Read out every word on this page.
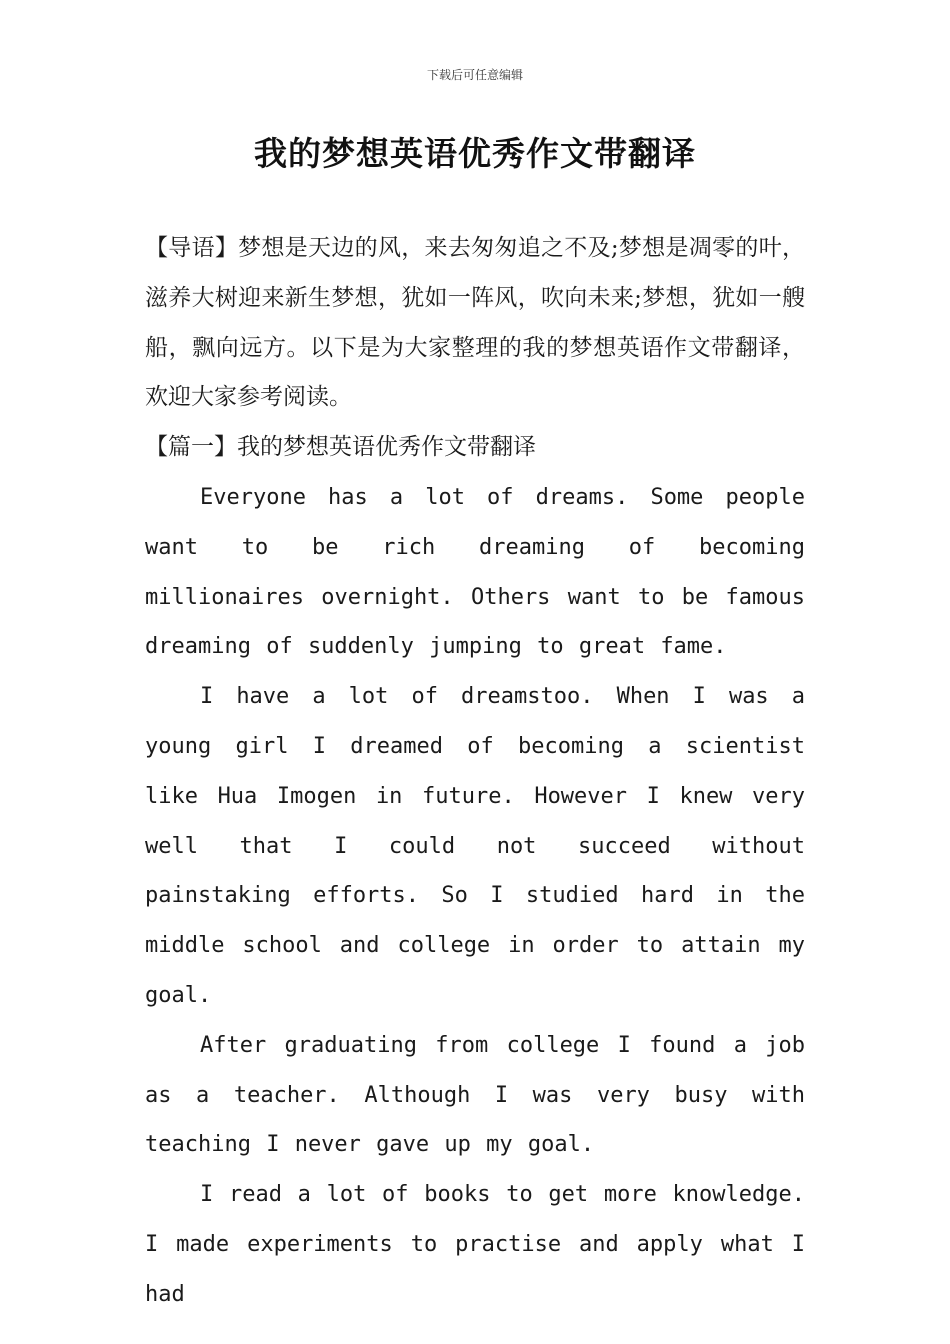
下载后可任意编辑
我的梦想英语优秀作文带翻译

【导语】梦想是天边的风，来去匆匆追之不及;梦想是凋零的叶，滋养大树迎来新生梦想，犹如一阵风，吹向未来;梦想，犹如一艘船，飘向远方。以下是为大家整理的我的梦想英语作文带翻译，欢迎大家参考阅读。

【篇一】我的梦想英语优秀作文带翻译

Everyone has a lot of dreams. Some people want to be rich dreaming of becoming millionaires overnight. Others want to be famous dreaming of suddenly jumping to great fame.

I have a lot of dreamstoo. When I was a young girl I dreamed of becoming a scientist like Hua Imogen in future. However I knew very well that I could not succeed without painstaking efforts. So I studied hard in the middle school and college in order to attain my goal.

After graduating from college I found a job as a teacher. Although I was very busy with teaching I never gave up my goal.

I read a lot of books to get more knowledge. I made experiments to practise and apply what I had
